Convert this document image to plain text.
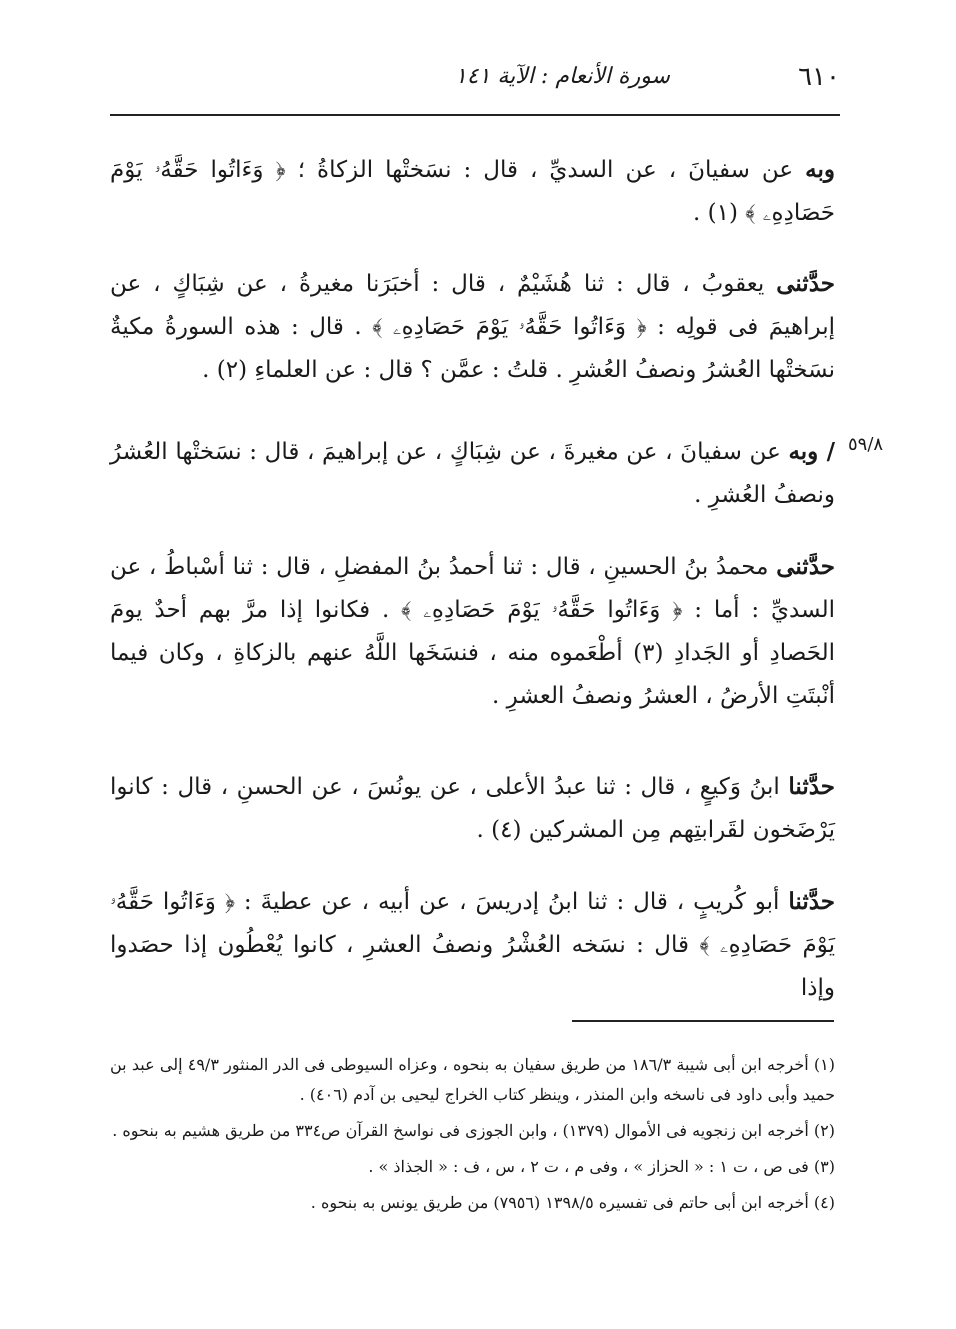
٦١٠
سورة الأنعام : الآية ١٤١
وبه عن سفيانَ ، عن السديِّ ، قال : نسَختْها الزكاةُ ؛ ﴿ وَءَاتُوا حَقَّهُۥ يَوْمَ حَصَادِهِۦ ﴾ (١) .
حدَّثنى يعقوبُ ، قال : ثنا هُشَيْمٌ ، قال : أخبَرَنا مغيرةُ ، عن شِبَاكٍ ، عن إبراهيمَ فى قولِه : ﴿ وَءَاتُوا حَقَّهُۥ يَوْمَ حَصَادِهِۦ ﴾ . قال : هذه السورةُ مكيةٌ نسَختْها العُشرُ ونصفُ العُشرِ . قلتُ : عمَّن ؟ قال : عن العلماءِ (٢) .
٥٩/٨
/ وبه عن سفيانَ ، عن مغيرةَ ، عن شِبَاكٍ ، عن إبراهيمَ ، قال : نسَختْها العُشرُ ونصفُ العُشرِ .
حدَّثنى محمدُ بنُ الحسينِ ، قال : ثنا أحمدُ بنُ المفضلِ ، قال : ثنا أسْباطُ ، عن السديِّ : أما : ﴿ وَءَاتُوا حَقَّهُۥ يَوْمَ حَصَادِهِۦ ﴾ . فكانوا إذا مرَّ بهم أحدٌ يومَ الحَصادِ أو الجَدادِ (٣) أطْعَموه منه ، فنسَخَها اللَّهُ عنهم بالزكاةِ ، وكان فيما أنْبتَتِ الأرضُ ، العشرُ ونصفُ العشرِ .
حدَّثنا ابنُ وَكيعٍ ، قال : ثنا عبدُ الأعلى ، عن يونُسَ ، عن الحسنِ ، قال : كانوا يَرْضَخون لقَرابتِهم مِن المشركين (٤) .
حدَّثنا أبو كُريبٍ ، قال : ثنا ابنُ إدريسَ ، عن أبيه ، عن عطيةَ : ﴿ وَءَاتُوا حَقَّهُۥ يَوْمَ حَصَادِهِۦ ﴾ قال : نسَخه العُشْرُ ونصفُ العشرِ ، كانوا يُعْطُون إذا حصَدوا وإذا

(١) أخرجه ابن أبى شيبة ١٨٦/٣ من طريق سفيان به بنحوه ، وعزاه السيوطى فى الدر المنثور ٤٩/٣ إلى عبد بن حميد وأبى داود فى ناسخه وابن المنذر ، وينظر كتاب الخراج ليحيى بن آدم (٤٠٦) .

(٢) أخرجه ابن زنجويه فى الأموال (١٣٧٩) ، وابن الجوزى فى نواسخ القرآن ص٣٣٤ من طريق هشيم به بنحوه .

(٣) فى ص ، ت ١ : « الحزاز » ، وفى م ، ت ٢ ، س ، ف : « الجذاذ » .

(٤) أخرجه ابن أبى حاتم فى تفسيره ١٣٩٨/٥ (٧٩٥٦) من طريق يونس به بنحوه .
